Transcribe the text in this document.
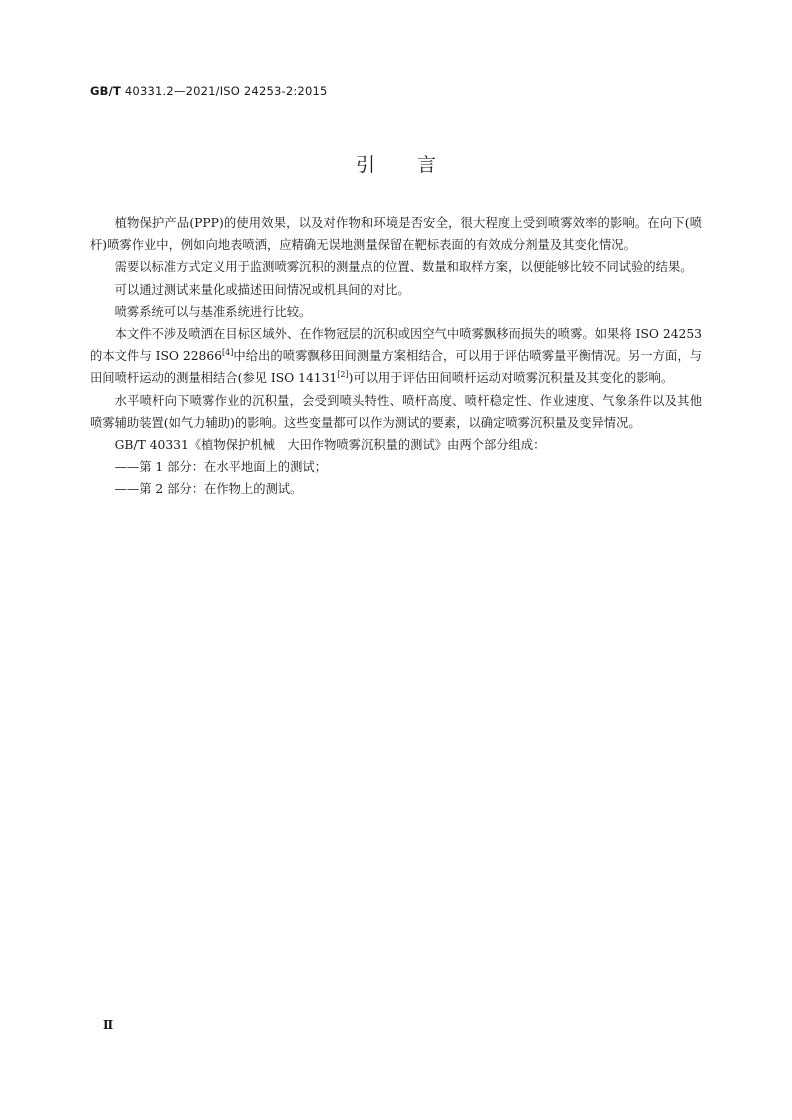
GB/T 40331.2—2021/ISO 24253-2:2015
引言

植物保护产品(PPP)的使用效果，以及对作物和环境是否安全，很大程度上受到喷雾效率的影响。在向下(喷杆)喷雾作业中，例如向地表喷洒，应精确无误地测量保留在靶标表面的有效成分剂量及其变化情况。

需要以标准方式定义用于监测喷雾沉积的测量点的位置、数量和取样方案，以便能够比较不同试验的结果。

可以通过测试来量化或描述田间情况或机具间的对比。

喷雾系统可以与基准系统进行比较。

本文件不涉及喷洒在目标区域外、在作物冠层的沉积或因空气中喷雾飘移而损失的喷雾。如果将 ISO 24253 的本文件与 ISO 22866[4]中给出的喷雾飘移田间测量方案相结合，可以用于评估喷雾量平衡情况。另一方面，与田间喷杆运动的测量相结合(参见 ISO 14131[2])可以用于评估田间喷杆运动对喷雾沉积量及其变化的影响。

水平喷杆向下喷雾作业的沉积量，会受到喷头特性、喷杆高度、喷杆稳定性、作业速度、气象条件以及其他喷雾辅助装置(如气力辅助)的影响。这些变量都可以作为测试的要素，以确定喷雾沉积量及变异情况。

GB/T 40331《植物保护机械　大田作物喷雾沉积量的测试》由两个部分组成：

——第 1 部分：在水平地面上的测试；

——第 2 部分：在作物上的测试。

Ⅱ
